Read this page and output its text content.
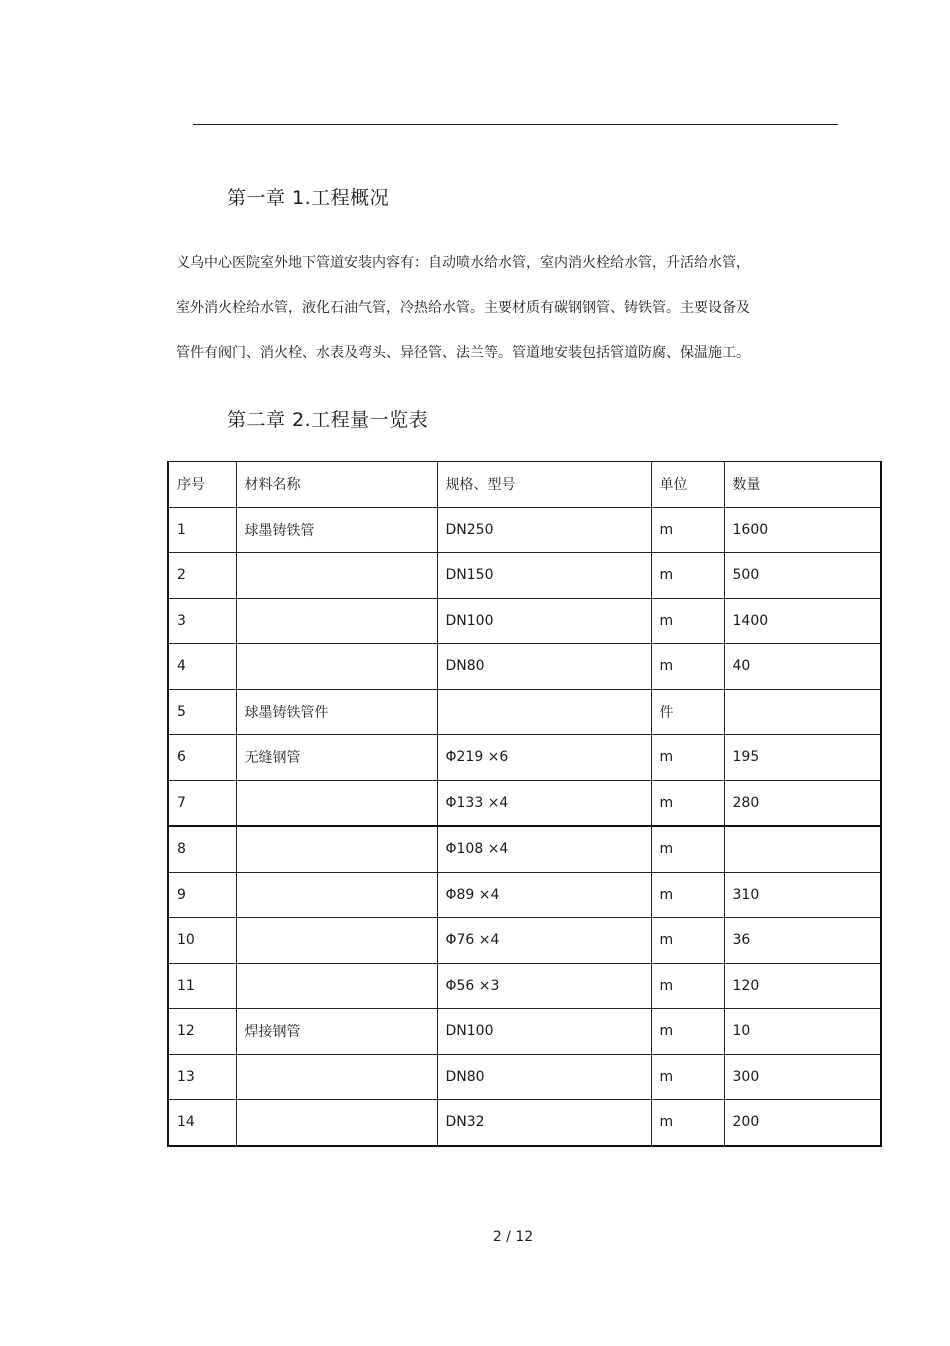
第一章 1.工程概况
义乌中心医院室外地下管道安装内容有：自动喷水给水管，室内消火栓给水管，升活给水管，
室外消火栓给水管，液化石油气管，冷热给水管。主要材质有碳钢钢管、铸铁管。主要设备及
管件有阀门、消火栓、水表及弯头、异径管、法兰等。管道地安装包括管道防腐、保温施工。
第二章 2.工程量一览表
序号	材料名称	规格、型号	单位	数量
1	球墨铸铁管	DN250	m	1600
2		DN150	m	500
3		DN100	m	1400
4		DN80	m	40
5	球墨铸铁管件		件	
6	无缝钢管	Φ219 ×6	m	195
7		Φ133 ×4	m	280
8		Φ108 ×4	m	
9		Φ89 ×4	m	310
10		Φ76 ×4	m	36
11		Φ56 ×3	m	120
12	焊接钢管	DN100	m	10
13		DN80	m	300
14		DN32	m	200
2 / 12
